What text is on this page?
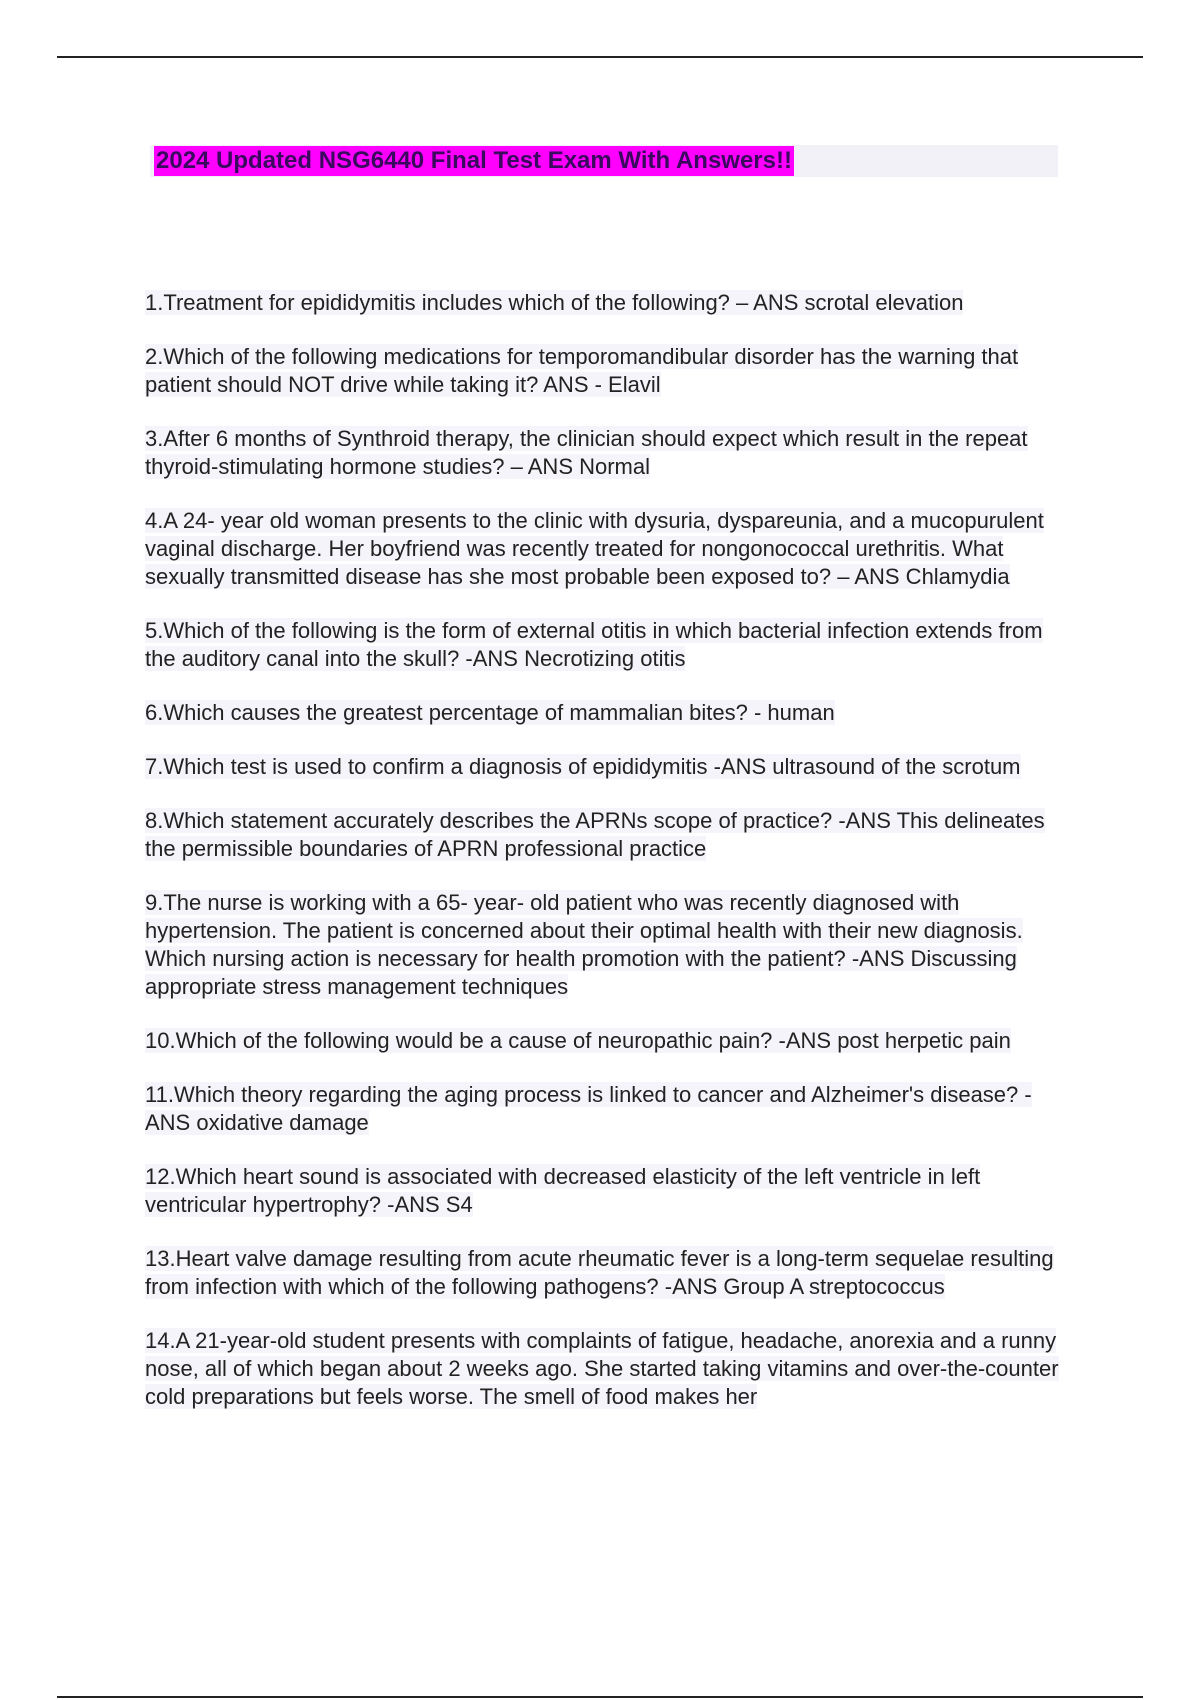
2024 Updated NSG6440 Final Test Exam With Answers!!

1.Treatment for epididymitis includes which of the following? – ANS scrotal elevation

2.Which of the following medications for temporomandibular disorder has the warning that patient should NOT drive while taking it? ANS - Elavil

3.After 6 months of Synthroid therapy, the clinician should expect which result in the repeat thyroid-stimulating hormone studies? – ANS Normal

4.A 24- year old woman presents to the clinic with dysuria, dyspareunia, and a mucopurulent vaginal discharge. Her boyfriend was recently treated for nongonococcal urethritis. What sexually transmitted disease has she most probable been exposed to? – ANS Chlamydia

5.Which of the following is the form of external otitis in which bacterial infection extends from the auditory canal into the skull? -ANS Necrotizing otitis

6.Which causes the greatest percentage of mammalian bites? - human

7.Which test is used to confirm a diagnosis of epididymitis -ANS ultrasound of the scrotum

8.Which statement accurately describes the APRNs scope of practice? -ANS This delineates the permissible boundaries of APRN professional practice

9.The nurse is working with a 65- year- old patient who was recently diagnosed with hypertension. The patient is concerned about their optimal health with their new diagnosis. Which nursing action is necessary for health promotion with the patient? -ANS Discussing appropriate stress management techniques

10.Which of the following would be a cause of neuropathic pain? -ANS post herpetic pain

11.Which theory regarding the aging process is linked to cancer and Alzheimer's disease? -ANS oxidative damage

12.Which heart sound is associated with decreased elasticity of the left ventricle in left ventricular hypertrophy? -ANS S4

13.Heart valve damage resulting from acute rheumatic fever is a long-term sequelae resulting from infection with which of the following pathogens? -ANS Group A streptococcus

14.A 21-year-old student presents with complaints of fatigue, headache, anorexia and a runny nose, all of which began about 2 weeks ago. She started taking vitamins and over-the-counter cold preparations but feels worse. The smell of food makes her
